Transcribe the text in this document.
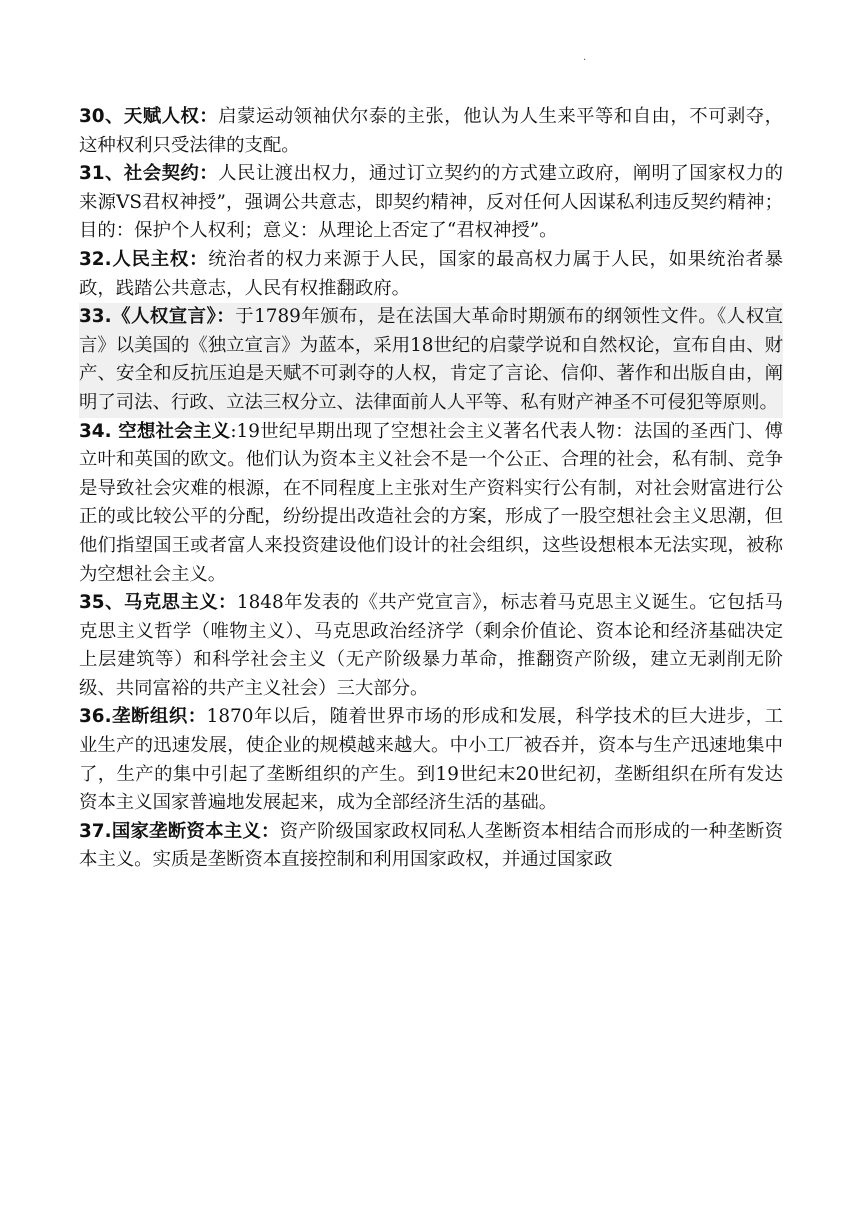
·

30、天赋人权：启蒙运动领袖伏尔泰的主张，他认为人生来平等和自由，不可剥夺，这种权利只受法律的支配。

31、社会契约：人民让渡出权力，通过订立契约的方式建立政府，阐明了国家权力的来源VS君权神授”，强调公共意志，即契约精神，反对任何人因谋私利违反契约精神；目的：保护个人权利；意义：从理论上否定了“君权神授”。

32.人民主权：统治者的权力来源于人民，国家的最高权力属于人民，如果统治者暴政，践踏公共意志，人民有权推翻政府。

33.《人权宣言》：于1789年颁布，是在法国大革命时期颁布的纲领性文件。《人权宣言》以美国的《独立宣言》为蓝本，采用18世纪的启蒙学说和自然权论，宣布自由、财产、安全和反抗压迫是天赋不可剥夺的人权，肯定了言论、信仰、著作和出版自由，阐明了司法、行政、立法三权分立、法律面前人人平等、私有财产神圣不可侵犯等原则。

34. 空想社会主义:19世纪早期出现了空想社会主义著名代表人物：法国的圣西门、傅立叶和英国的欧文。他们认为资本主义社会不是一个公正、合理的社会，私有制、竞争是导致社会灾难的根源，在不同程度上主张对生产资料实行公有制，对社会财富进行公正的或比较公平的分配，纷纷提出改造社会的方案，形成了一股空想社会主义思潮，但他们指望国王或者富人来投资建设他们设计的社会组织，这些设想根本无法实现，被称为空想社会主义。

35、马克思主义：1848年发表的《共产党宣言》，标志着马克思主义诞生。它包括马克思主义哲学（唯物主义）、马克思政治经济学（剩余价值论、资本论和经济基础决定上层建筑等）和科学社会主义（无产阶级暴力革命，推翻资产阶级，建立无剥削无阶级、共同富裕的共产主义社会）三大部分。

36.垄断组织：1870年以后，随着世界市场的形成和发展，科学技术的巨大进步，工业生产的迅速发展，使企业的规模越来越大。中小工厂被吞并，资本与生产迅速地集中了，生产的集中引起了垄断组织的产生。到19世纪末20世纪初，垄断组织在所有发达资本主义国家普遍地发展起来，成为全部经济生活的基础。

37.国家垄断资本主义：资产阶级国家政权同私人垄断资本相结合而形成的一种垄断资本主义。实质是垄断资本直接控制和利用国家政权，并通过国家政
